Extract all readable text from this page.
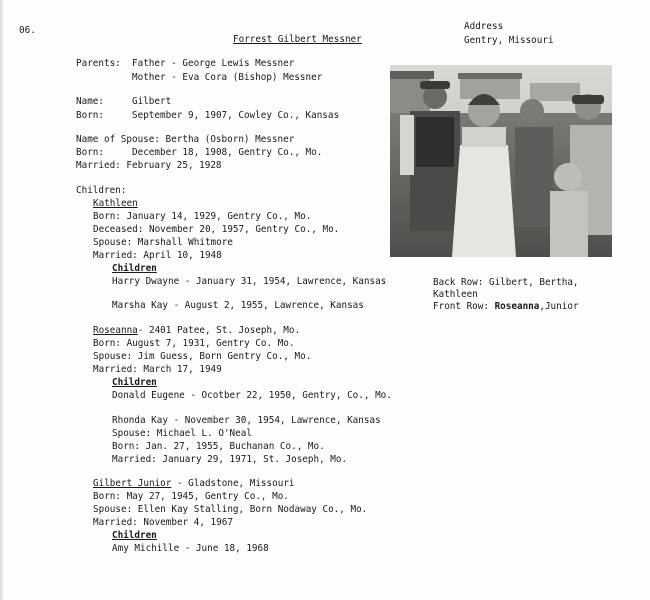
06.
Forrest Gilbert Messner
Address
Gentry, Missouri
Parents: Father - George Lewis Messner
Mother - Eva Cora (Bishop) Messner
Name:	Gilbert
Born:	September 9, 1907, Cowley Co., Kansas
Name of Spouse: Bertha (Osborn) Messner
Born:	December 18, 1908, Gentry Co., Mo.
Married: February 25, 1928
Children:
Kathleen
Born: January 14, 1929, Gentry Co., Mo.
Deceased: November 20, 1957, Gentry Co., Mo.
Spouse: Marshall Whitmore
Married: April 10, 1948
Children
Harry Dwayne - January 31, 1954, Lawrence, Kansas
Marsha Kay - August 2, 1955, Lawrence, Kansas
Back Row: Gilbert, Bertha,
Kathleen
Front Row: Roseanna,Junior
Roseanna- 2401 Patee, St. Joseph, Mo.
Born: August 7, 1931, Gentry Co. Mo.
Spouse: Jim Guess, Born Gentry Co., Mo.
Married: March 17, 1949
Children
Donald Eugene - Ocotber 22, 1950, Gentry, Co., Mo.
Rhonda Kay - November 30, 1954, Lawrence, Kansas
Spouse: Michael L. O'Neal
Born: Jan. 27, 1955, Buchanan Co., Mo.
Married: January 29, 1971, St. Joseph, Mo.
Gilbert Junior - Gladstone, Missouri
Born: May 27, 1945, Gentry Co., Mo.
Spouse: Ellen Kay Stalling, Born Nodaway Co., Mo.
Married: November 4, 1967
Children
Amy Michille - June 18, 1968
